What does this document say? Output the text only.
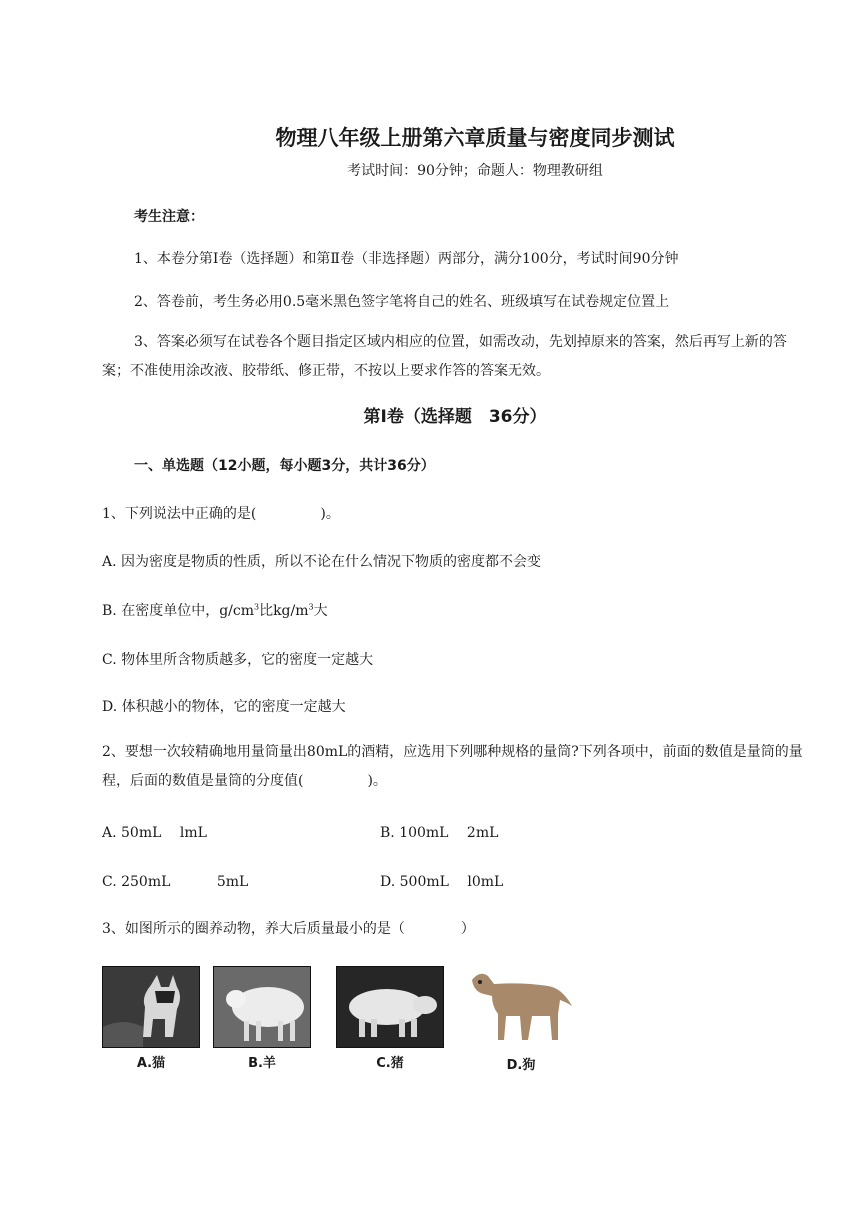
物理八年级上册第六章质量与密度同步测试
考试时间：90分钟；命题人：物理教研组
考生注意：
1、本卷分第Ⅰ卷（选择题）和第Ⅱ卷（非选择题）两部分，满分100分，考试时间90分钟
2、答卷前，考生务必用0.5毫米黑色签字笔将自己的姓名、班级填写在试卷规定位置上
3、答案必须写在试卷各个题目指定区域内相应的位置，如需改动，先划掉原来的答案，然后再写上新的答案；不准使用涂改液、胶带纸、修正带，不按以上要求作答的答案无效。
第Ⅰ卷（选择题　36分）
一、单选题（12小题，每小题3分，共计36分）
1、下列说法中正确的是(	)。
A. 因为密度是物质的性质，所以不论在什么情况下物质的密度都不会变
B. 在密度单位中，$g/cm^3$比$kg/m^3$大
C. 物体里所含物质越多，它的密度一定越大
D. 体积越小的物体，它的密度一定越大
2、要想一次较精确地用量筒量出80mL的酒精，应选用下列哪种规格的量筒?下列各项中，前面的数值是量筒的量程，后面的数值是量筒的分度值(	)。
A. 50mL　 lmL	B. 100mL　 2mL
C. 250mL　　　 5mL	D. 500mL　 l0mL
3、如图所示的圈养动物，养大后质量最小的是（　　　　）
A.猫	B.羊	C.猪	D.狗
